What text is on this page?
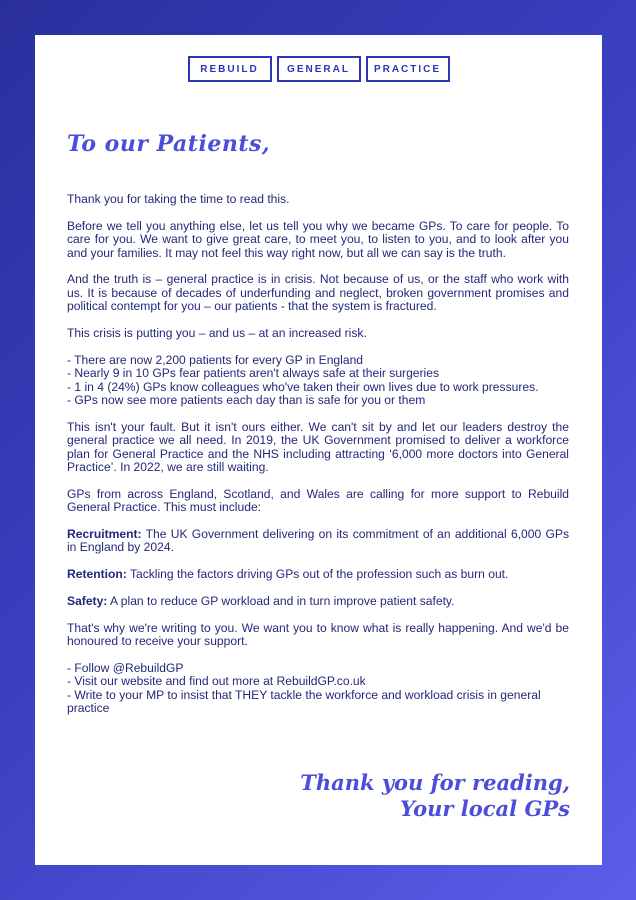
REBUILD	GENERAL	PRACTICE
To our Patients,

Thank you for taking the time to read this.

Before we tell you anything else, let us tell you why we became GPs. To care for people. To care for you. We want to give great care, to meet you, to listen to you, and to look after you and your families. It may not feel this way right now, but all we can say is the truth.

And the truth is – general practice is in crisis. Not because of us, or the staff who work with us. It is because of decades of underfunding and neglect, broken government promises and political contempt for you – our patients - that the system is fractured.

This crisis is putting you – and us – at an increased risk.

- There are now 2,200 patients for every GP in England
- Nearly 9 in 10 GPs fear patients aren't always safe at their surgeries
- 1 in 4 (24%) GPs know colleagues who've taken their own lives due to work pressures.
- GPs now see more patients each day than is safe for you or them

This isn't your fault. But it isn't ours either. We can't sit by and let our leaders destroy the general practice we all need. In 2019, the UK Government promised to deliver a workforce plan for General Practice and the NHS including attracting ‘6,000 more doctors into General Practice’. In 2022, we are still waiting.

GPs from across England, Scotland, and Wales are calling for more support to Rebuild General Practice. This must include:

Recruitment: The UK Government delivering on its commitment of an additional 6,000 GPs in England by 2024.

Retention: Tackling the factors driving GPs out of the profession such as burn out.

Safety: A plan to reduce GP workload and in turn improve patient safety.

That's why we're writing to you. We want you to know what is really happening. And we'd be honoured to receive your support.

- Follow @RebuildGP
- Visit our website and find out more at RebuildGP.co.uk
- Write to your MP to insist that THEY tackle the workforce and workload crisis in general practice

Thank you for reading,
Your local GPs
